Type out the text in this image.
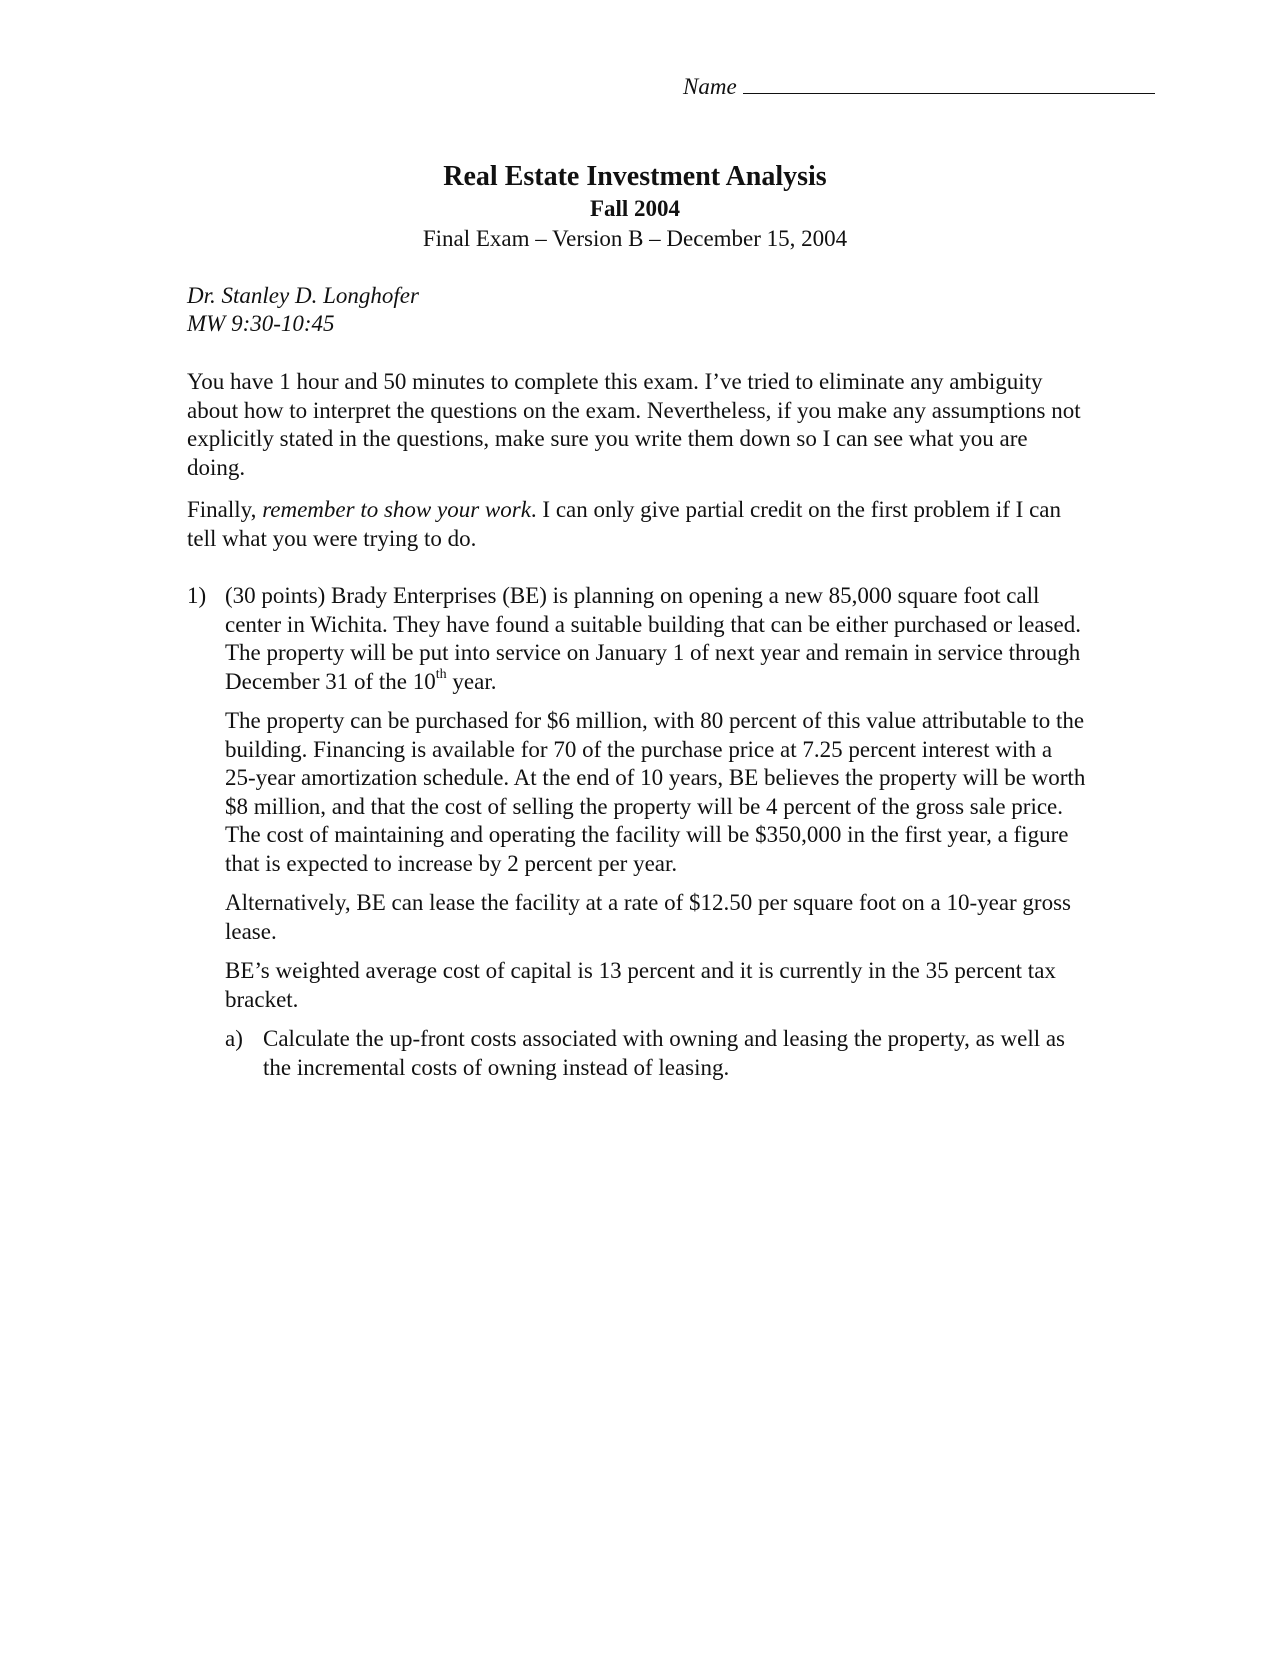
Name
Real Estate Investment Analysis
Fall 2004
Final Exam – Version B – December 15, 2004
Dr. Stanley D. Longhofer
MW 9:30-10:45
You have 1 hour and 50 minutes to complete this exam. I’ve tried to eliminate any ambiguity about how to interpret the questions on the exam. Nevertheless, if you make any assumptions not explicitly stated in the questions, make sure you write them down so I can see what you are doing.
Finally, remember to show your work. I can only give partial credit on the first problem if I can tell what you were trying to do.
1) (30 points) Brady Enterprises (BE) is planning on opening a new 85,000 square foot call center in Wichita. They have found a suitable building that can be either purchased or leased. The property will be put into service on January 1 of next year and remain in service through December 31 of the 10th year.

The property can be purchased for $6 million, with 80 percent of this value attributable to the building. Financing is available for 70 of the purchase price at 7.25 percent interest with a 25-year amortization schedule. At the end of 10 years, BE believes the property will be worth $8 million, and that the cost of selling the property will be 4 percent of the gross sale price. The cost of maintaining and operating the facility will be $350,000 in the first year, a figure that is expected to increase by 2 percent per year.

Alternatively, BE can lease the facility at a rate of $12.50 per square foot on a 10-year gross lease.

BE’s weighted average cost of capital is 13 percent and it is currently in the 35 percent tax bracket.

a) Calculate the up-front costs associated with owning and leasing the property, as well as the incremental costs of owning instead of leasing.
